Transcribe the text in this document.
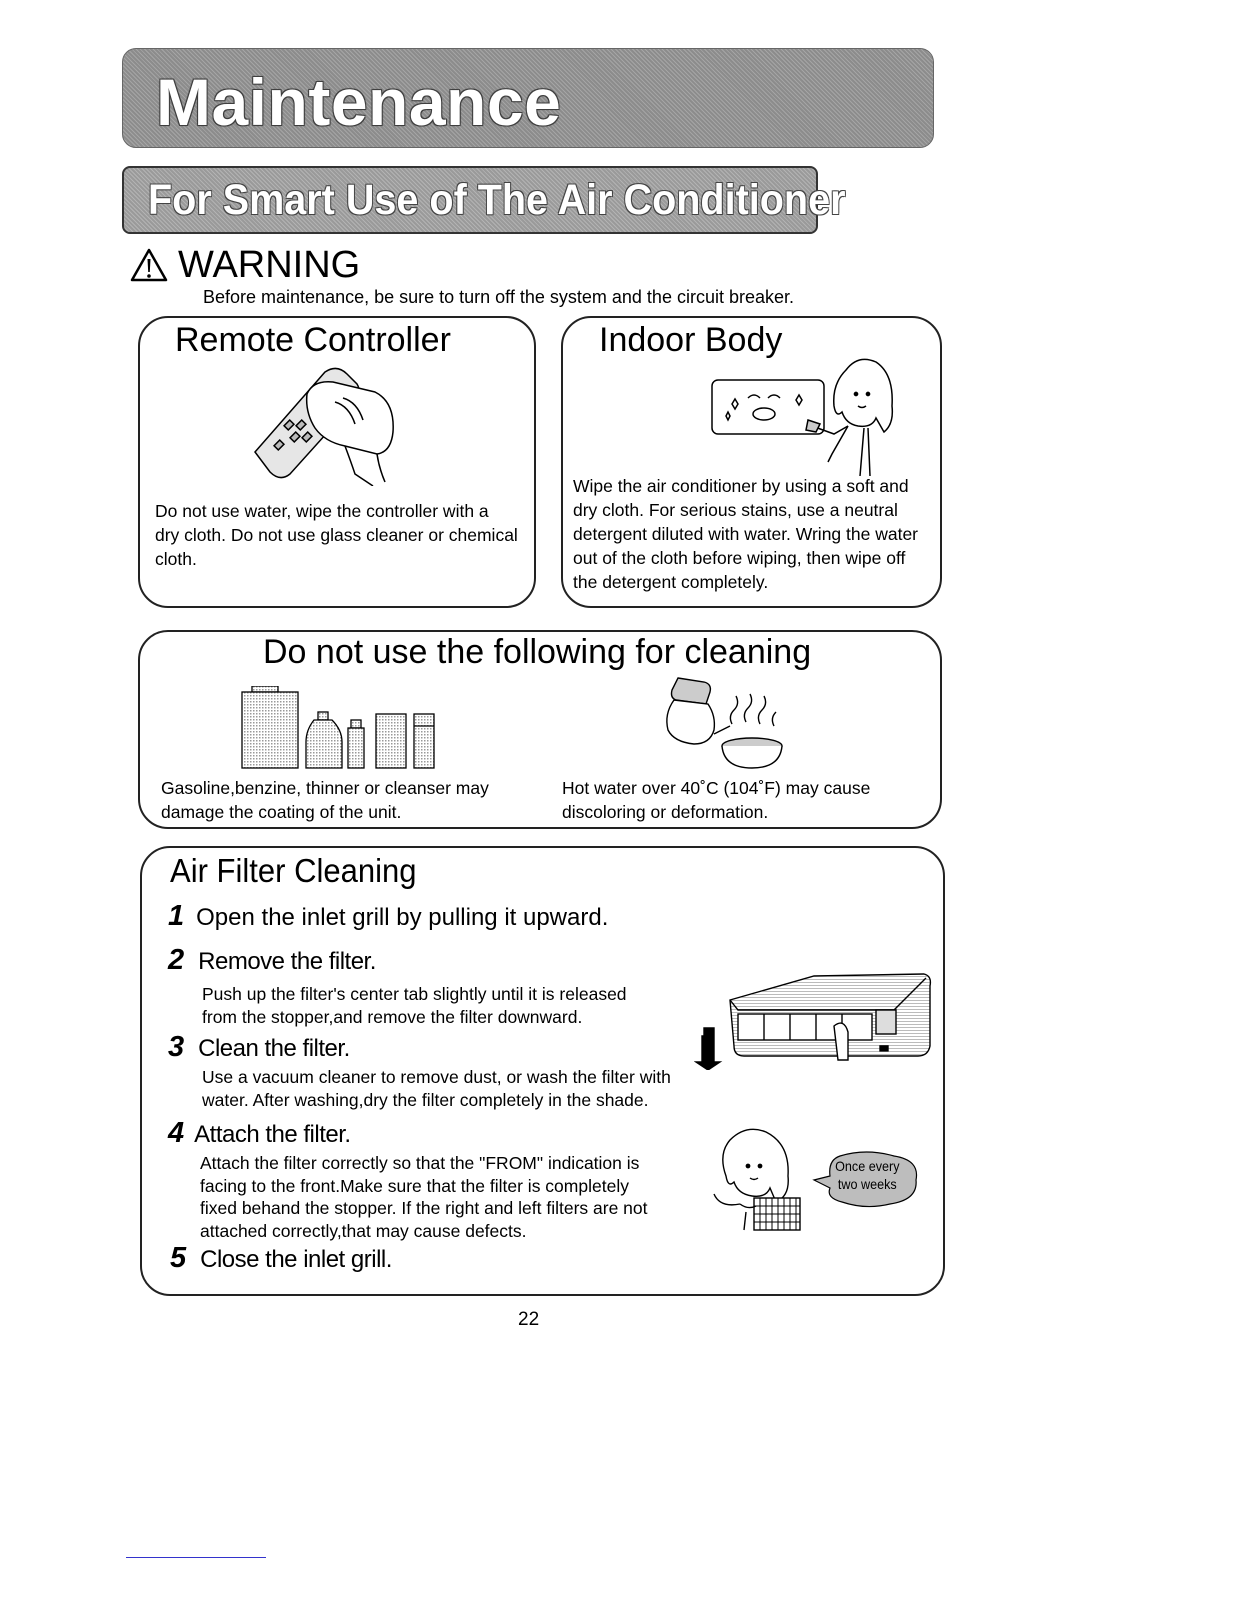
Maintenance
For Smart Use of The Air Conditioner
WARNING
Before maintenance, be sure to turn off the system and the circuit breaker.
Remote Controller
Do not use water, wipe the controller with a
dry cloth. Do not use glass cleaner or chemical
cloth.
Indoor Body
Wipe the air conditioner by using a soft and
dry cloth. For serious stains, use a neutral
detergent diluted with water. Wring the water
out of the cloth before wiping, then wipe off
the detergent completely.
Do not use the following for cleaning
Gasoline,benzine, thinner or cleanser may
damage the coating of the unit.
Hot water over 40˚C (104˚F) may cause
discoloring or deformation.
Air Filter Cleaning
1 Open the inlet grill by pulling it upward.
2 Remove the filter.
Push up the filter's center tab slightly until it is released
from the stopper,and remove the filter downward.
3 Clean the filter.
Use a vacuum cleaner to remove dust, or wash the filter with
water. After washing,dry the filter completely in the shade.
4 Attach the filter.
Attach the filter correctly so that the "FROM" indication is
facing to the front.Make sure that the filter is completely
fixed behand the stopper. If the right and left filters are not
attached correctly,that may cause defects.
5 Close the inlet grill.
Once every
two weeks
22
